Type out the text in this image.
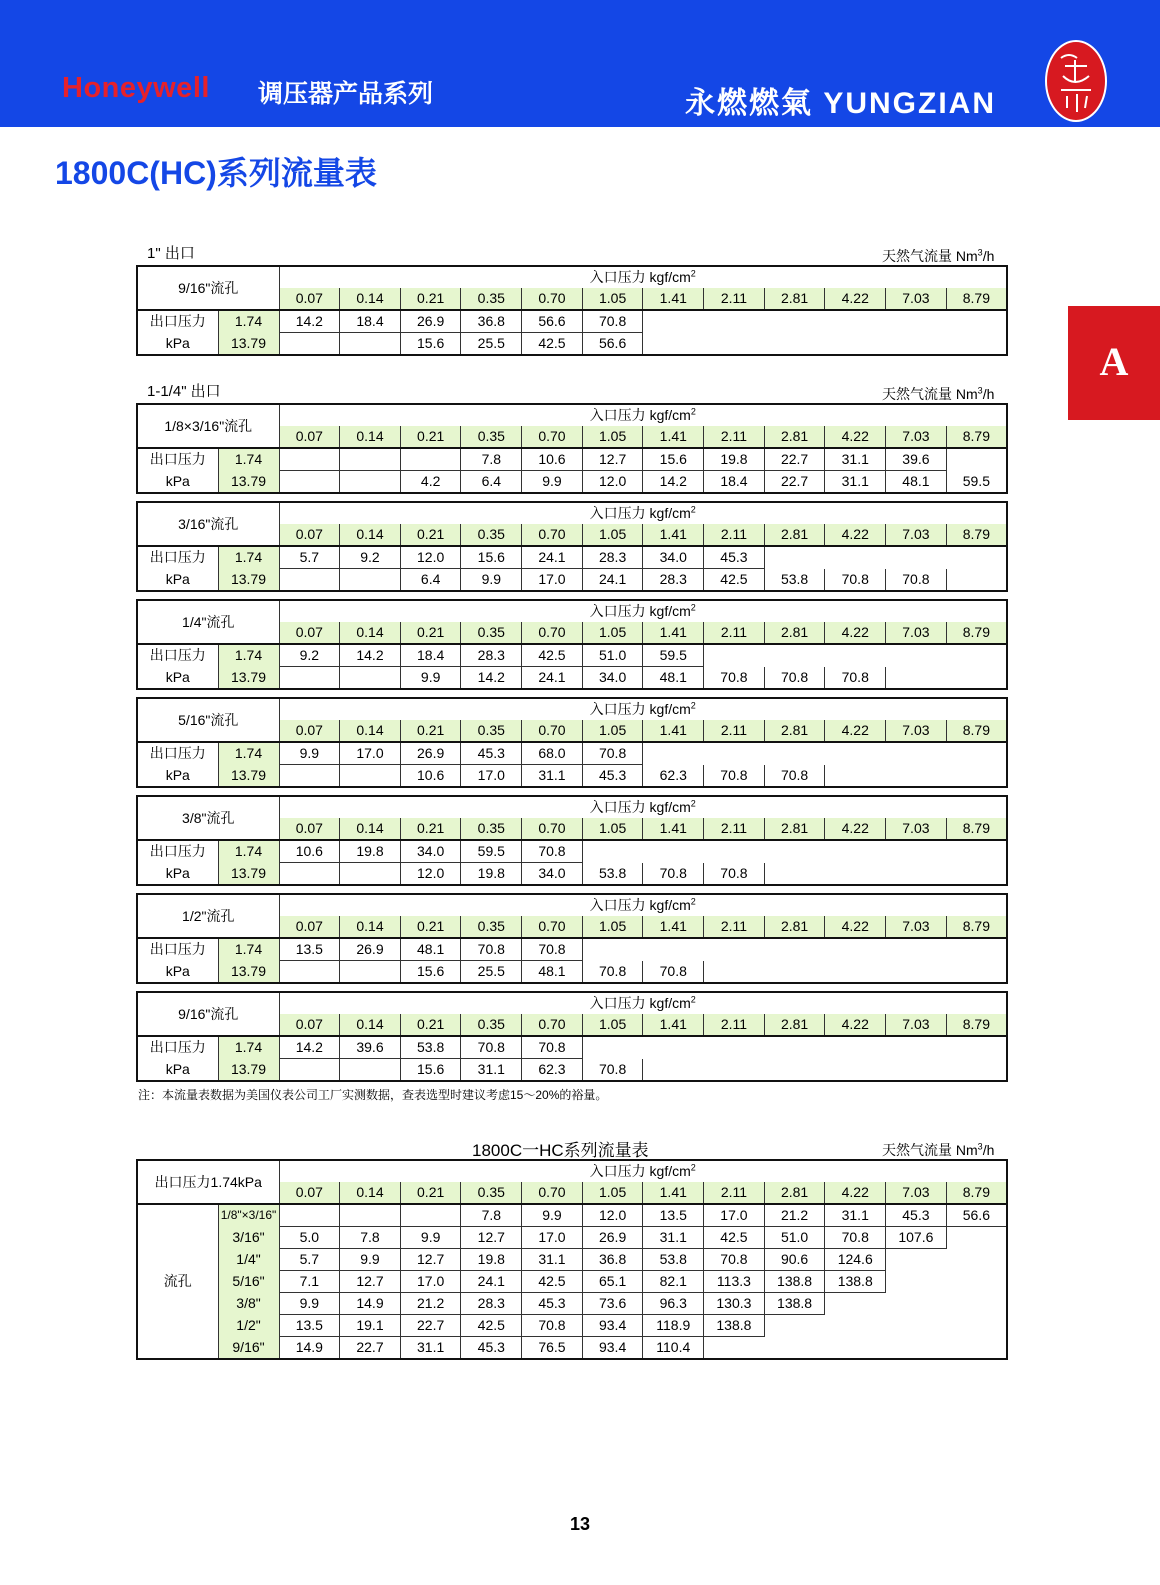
Honeywell 调压器产品系列	永燃燃氣 YUNGZIAN
1800C(HC)系列流量表
A
1" 出口	天然气流量 Nm$^3$/h
9/16"流孔		入口压力 kgf/$cm^2$
		0.07	0.14	0.21	0.35	0.70	1.05	1.41	2.11	2.81	4.22	7.03	8.79
出口压力	1.74	14.2	18.4	26.9	36.8	56.6	70.8						
kPa	13.79			15.6	25.5	42.5	56.6						
1-1/4" 出口	天然气流量 Nm$^3$/h
1/8×3/16"流孔		入口压力 kgf/$cm^2$
		0.07	0.14	0.21	0.35	0.70	1.05	1.41	2.11	2.81	4.22	7.03	8.79
出口压力	1.74				7.8	10.6	12.7	15.6	19.8	22.7	31.1	39.6	
kPa	13.79			4.2	6.4	9.9	12.0	14.2	18.4	22.7	31.1	48.1	59.5
3/16"流孔		入口压力 kgf/$cm^2$
		0.07	0.14	0.21	0.35	0.70	1.05	1.41	2.11	2.81	4.22	7.03	8.79
出口压力	1.74	5.7	9.2	12.0	15.6	24.1	28.3	34.0	45.3				
kPa	13.79			6.4	9.9	17.0	24.1	28.3	42.5	53.8	70.8	70.8	
1/4"流孔		入口压力 kgf/$cm^2$
		0.07	0.14	0.21	0.35	0.70	1.05	1.41	2.11	2.81	4.22	7.03	8.79
出口压力	1.74	9.2	14.2	18.4	28.3	42.5	51.0	59.5					
kPa	13.79			9.9	14.2	24.1	34.0	48.1	70.8	70.8	70.8		
5/16"流孔		入口压力 kgf/$cm^2$
		0.07	0.14	0.21	0.35	0.70	1.05	1.41	2.11	2.81	4.22	7.03	8.79
出口压力	1.74	9.9	17.0	26.9	45.3	68.0	70.8						
kPa	13.79			10.6	17.0	31.1	45.3	62.3	70.8	70.8			
3/8"流孔		入口压力 kgf/$cm^2$
		0.07	0.14	0.21	0.35	0.70	1.05	1.41	2.11	2.81	4.22	7.03	8.79
出口压力	1.74	10.6	19.8	34.0	59.5	70.8							
kPa	13.79			12.0	19.8	34.0	53.8	70.8	70.8				
1/2"流孔		入口压力 kgf/$cm^2$
		0.07	0.14	0.21	0.35	0.70	1.05	1.41	2.11	2.81	4.22	7.03	8.79
出口压力	1.74	13.5	26.9	48.1	70.8	70.8							
kPa	13.79			15.6	25.5	48.1	70.8	70.8					
9/16"流孔		入口压力 kgf/$cm^2$
		0.07	0.14	0.21	0.35	0.70	1.05	1.41	2.11	2.81	4.22	7.03	8.79
出口压力	1.74	14.2	39.6	53.8	70.8	70.8							
kPa	13.79			15.6	31.1	62.3	70.8						
注：本流量表数据为美国仪表公司工厂实测数据，查表选型时建议考虑15～20%的裕量。
1800C一HC系列流量表	天然气流量 Nm$^3$/h
出口压力1.74kPa		入口压力 kgf/$cm^2$
		0.07	0.14	0.21	0.35	0.70	1.05	1.41	2.11	2.81	4.22	7.03	8.79
流孔	1/8"×3/16"				7.8	9.9	12.0	13.5	17.0	21.2	31.1	45.3	56.6
	3/16"	5.0	7.8	9.9	12.7	17.0	26.9	31.1	42.5	51.0	70.8	107.6	
	1/4"	5.7	9.9	12.7	19.8	31.1	36.8	53.8	70.8	90.6	124.6		
	5/16"	7.1	12.7	17.0	24.1	42.5	65.1	82.1	113.3	138.8	138.8		
	3/8"	9.9	14.9	21.2	28.3	45.3	73.6	96.3	130.3	138.8			
	1/2"	13.5	19.1	22.7	42.5	70.8	93.4	118.9	138.8				
	9/16"	14.9	22.7	31.1	45.3	76.5	93.4	110.4					
13
